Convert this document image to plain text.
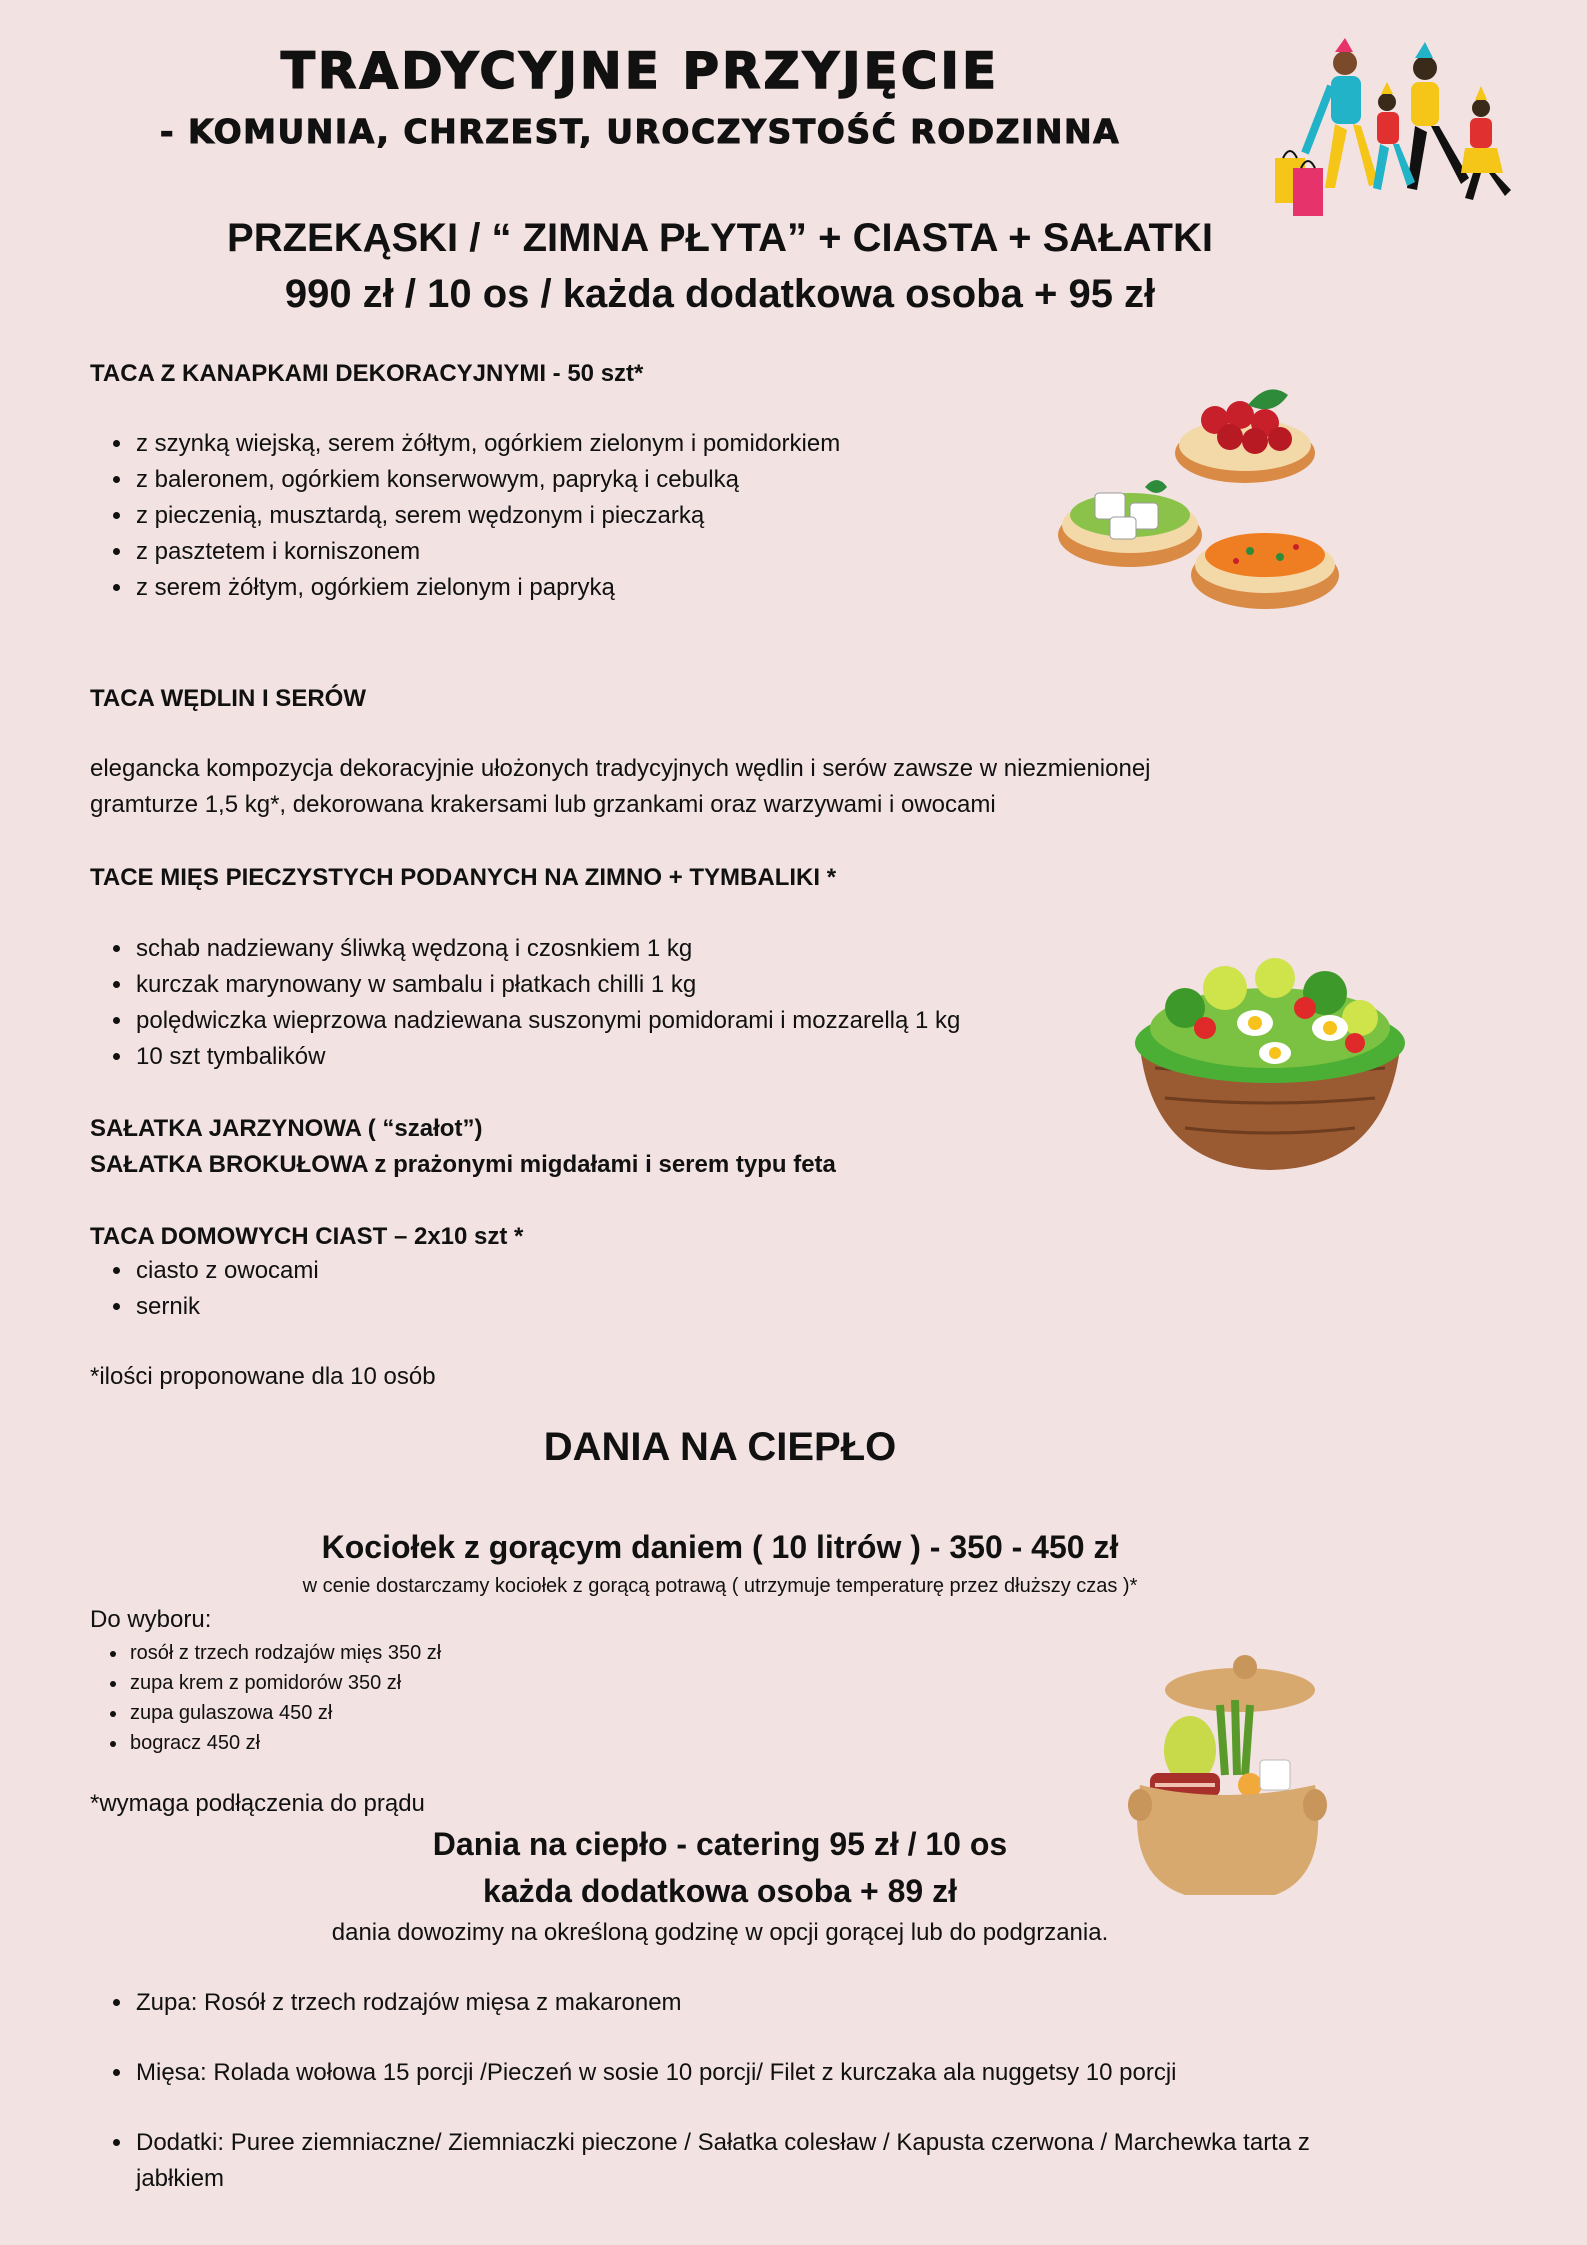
TRADYCYJNE PRZYJĘCIE
- KOMUNIA, CHRZEST, UROCZYSTOŚĆ RODZINNA
PRZEKĄSKI / “ ZIMNA PŁYTA” + CIASTA + SAŁATKI
990 zł / 10 os / każda dodatkowa osoba + 95 zł
TACA Z KANAPKAMI DEKORACYJNYMI - 50 szt*
• z szynką wiejską, serem żółtym, ogórkiem zielonym i pomidorkiem
• z baleronem, ogórkiem konserwowym, papryką i cebulką
• z pieczenią, musztardą, serem wędzonym i pieczarką
• z pasztetem i korniszonem
• z serem żółtym, ogórkiem zielonym i papryką
TACA WĘDLIN I SERÓW
elegancka kompozycja dekoracyjnie ułożonych tradycyjnych wędlin i serów zawsze w niezmienionej
gramturze 1,5 kg*, dekorowana krakersami lub grzankami oraz warzywami i owocami
TACE MIĘS PIECZYSTYCH PODANYCH NA ZIMNO + TYMBALIKI *
• schab nadziewany śliwką wędzoną i czosnkiem 1 kg
• kurczak marynowany w sambalu i płatkach chilli 1 kg
• polędwiczka wieprzowa nadziewana suszonymi pomidorami i mozzarellą 1 kg
• 10 szt tymbalików
SAŁATKA JARZYNOWA ( “szałot”)
SAŁATKA BROKUŁOWA z prażonymi migdałami i serem typu feta
TACA DOMOWYCH CIAST – 2x10 szt *
• ciasto z owocami
• sernik
*ilości proponowane dla 10 osób
DANIA NA CIEPŁO
Kociołek z gorącym daniem ( 10 litrów ) - 350 - 450 zł
w cenie dostarczamy kociołek z gorącą potrawą ( utrzymuje temperaturę przez dłuższy czas )*
Do wyboru:
• rosół z trzech rodzajów mięs 350 zł
• zupa krem z pomidorów 350 zł
• zupa gulaszowa 450 zł
• bogracz 450 zł
*wymaga podłączenia do prądu
Dania na ciepło - catering 95 zł / 10 os
każda dodatkowa osoba + 89 zł
dania dowozimy na określoną godzinę w opcji gorącej lub do podgrzania.
• Zupa: Rosół z trzech rodzajów mięsa z makaronem
• Mięsa: Rolada wołowa 15 porcji /Pieczeń w sosie 10 porcji/ Filet z kurczaka ala nuggetsy 10 porcji
• Dodatki: Puree ziemniaczne/ Ziemniaczki pieczone / Sałatka colesław / Kapusta czerwona / Marchewka tarta z jabłkiem
